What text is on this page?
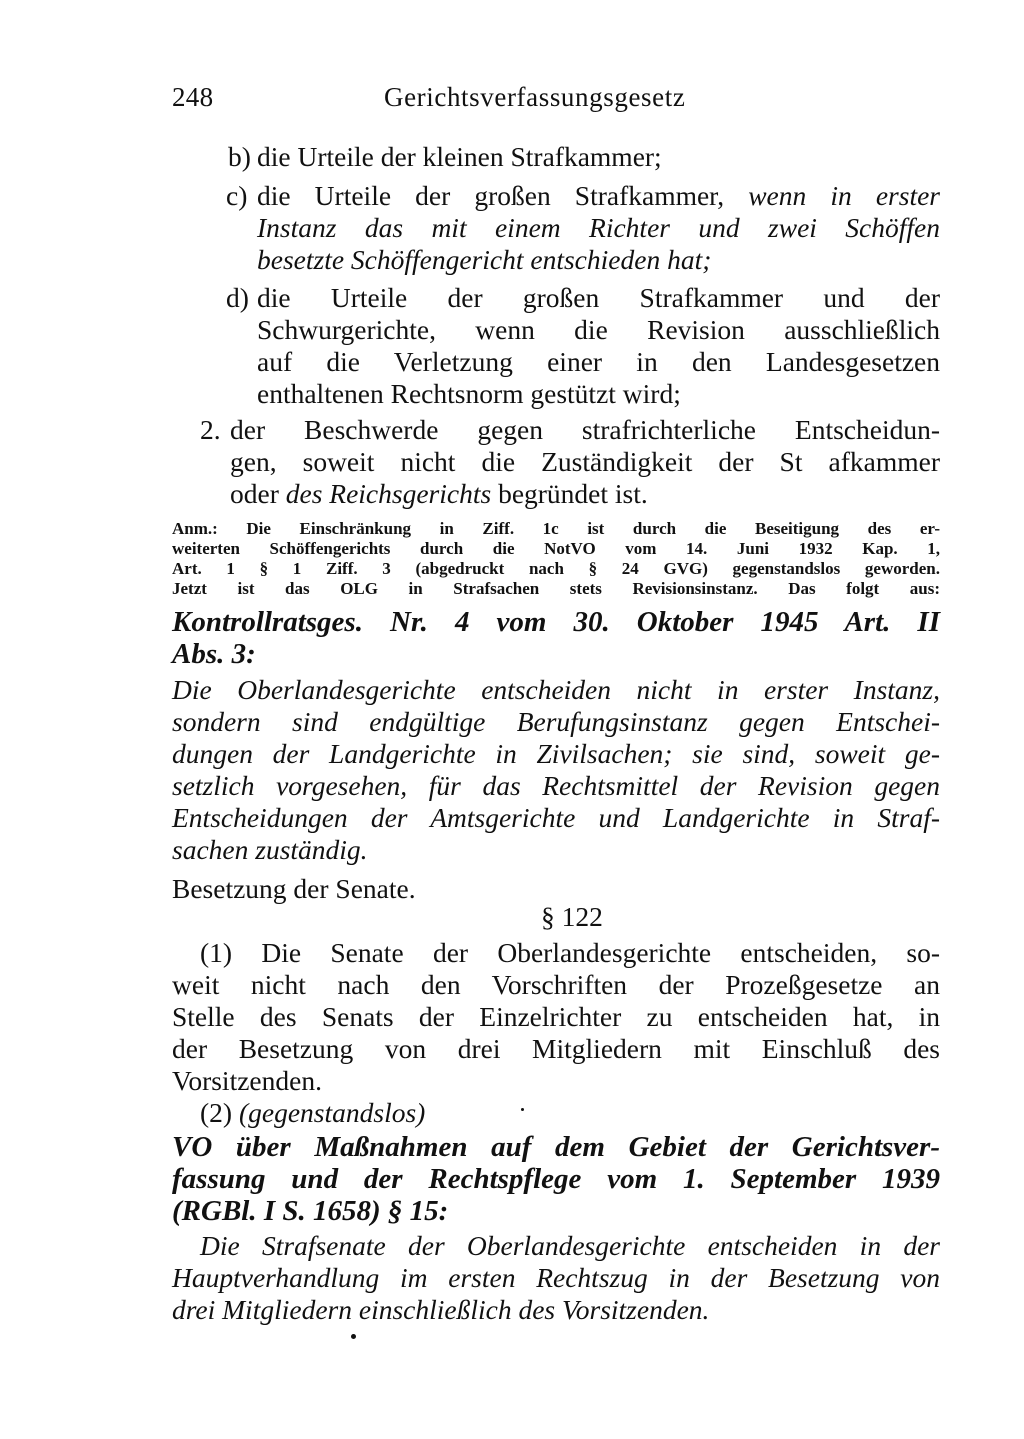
248	Gerichtsverfassungsgesetz
b) die Urteile der kleinen Strafkammer;
c) die Urteile der großen Strafkammer, wenn in erster
Instanz das mit einem Richter und zwei Schöffen
besetzte Schöffengericht entschieden hat;
d) die Urteile der großen Strafkammer und der
Schwurgerichte, wenn die Revision ausschließlich
auf die Verletzung einer in den Landesgesetzen
enthaltenen Rechtsnorm gestützt wird;
2. der Beschwerde gegen strafrichterliche Entscheidun-
gen, soweit nicht die Zuständigkeit der St afkammer
oder des Reichsgerichts begründet ist.
Anm.: Die Einschränkung in Ziff. 1c ist durch die Beseitigung des er-
weiterten Schöffengerichts durch die NotVO vom 14. Juni 1932 Kap. 1,
Art. 1 § 1 Ziff. 3 (abgedruckt nach § 24 GVG) gegenstandslos geworden.
Jetzt ist das OLG in Strafsachen stets Revisionsinstanz. Das folgt aus:
Kontrollratsges. Nr. 4 vom 30. Oktober 1945 Art. II
Abs. 3:
Die Oberlandesgerichte entscheiden nicht in erster Instanz,
sondern sind endgültige Berufungsinstanz gegen Entschei-
dungen der Landgerichte in Zivilsachen; sie sind, soweit ge-
setzlich vorgesehen, für das Rechtsmittel der Revision gegen
Entscheidungen der Amtsgerichte und Landgerichte in Straf-
sachen zuständig.
Besetzung der Senate.
§ 122
(1) Die Senate der Oberlandesgerichte entscheiden, so-
weit nicht nach den Vorschriften der Prozeßgesetze an
Stelle des Senats der Einzelrichter zu entscheiden hat, in
der Besetzung von drei Mitgliedern mit Einschluß des
Vorsitzenden.
(2) (gegenstandslos)
VO über Maßnahmen auf dem Gebiet der Gerichtsver-
fassung und der Rechtspflege vom 1. September 1939
(RGBl. I S. 1658) § 15:
Die Strafsenate der Oberlandesgerichte entscheiden in der
Hauptverhandlung im ersten Rechtszug in der Besetzung von
drei Mitgliedern einschließlich des Vorsitzenden.
